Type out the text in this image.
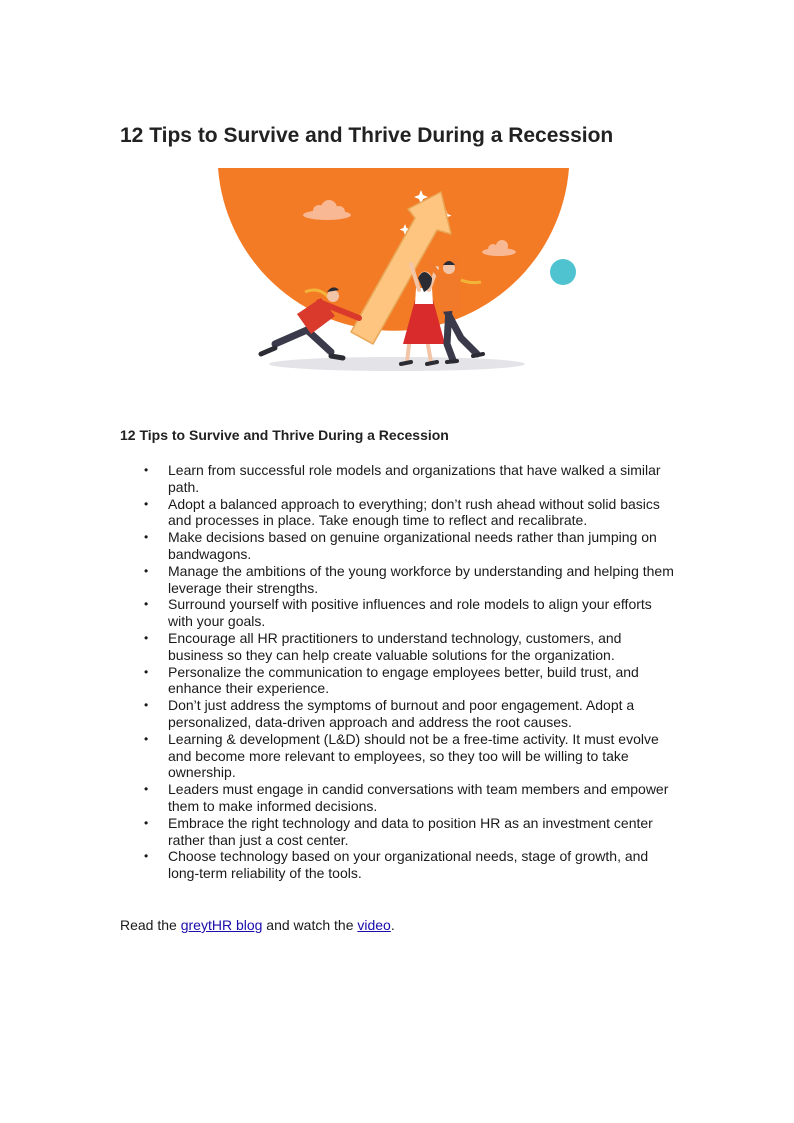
12 Tips to Survive and Thrive During a Recession
12 Tips to Survive and Thrive During a Recession
• Learn from successful role models and organizations that have walked a similar path.
• Adopt a balanced approach to everything; don’t rush ahead without solid basics and processes in place. Take enough time to reflect and recalibrate.
• Make decisions based on genuine organizational needs rather than jumping on bandwagons.
• Manage the ambitions of the young workforce by understanding and helping them leverage their strengths.
• Surround yourself with positive influences and role models to align your efforts with your goals.
• Encourage all HR practitioners to understand technology, customers, and business so they can help create valuable solutions for the organization.
• Personalize the communication to engage employees better, build trust, and enhance their experience.
• Don’t just address the symptoms of burnout and poor engagement. Adopt a personalized, data-driven approach and address the root causes.
• Learning & development (L&D) should not be a free-time activity. It must evolve and become more relevant to employees, so they too will be willing to take ownership.
• Leaders must engage in candid conversations with team members and empower them to make informed decisions.
• Embrace the right technology and data to position HR as an investment center rather than just a cost center.
• Choose technology based on your organizational needs, stage of growth, and long-term reliability of the tools.

Read the greytHR blog and watch the video.
